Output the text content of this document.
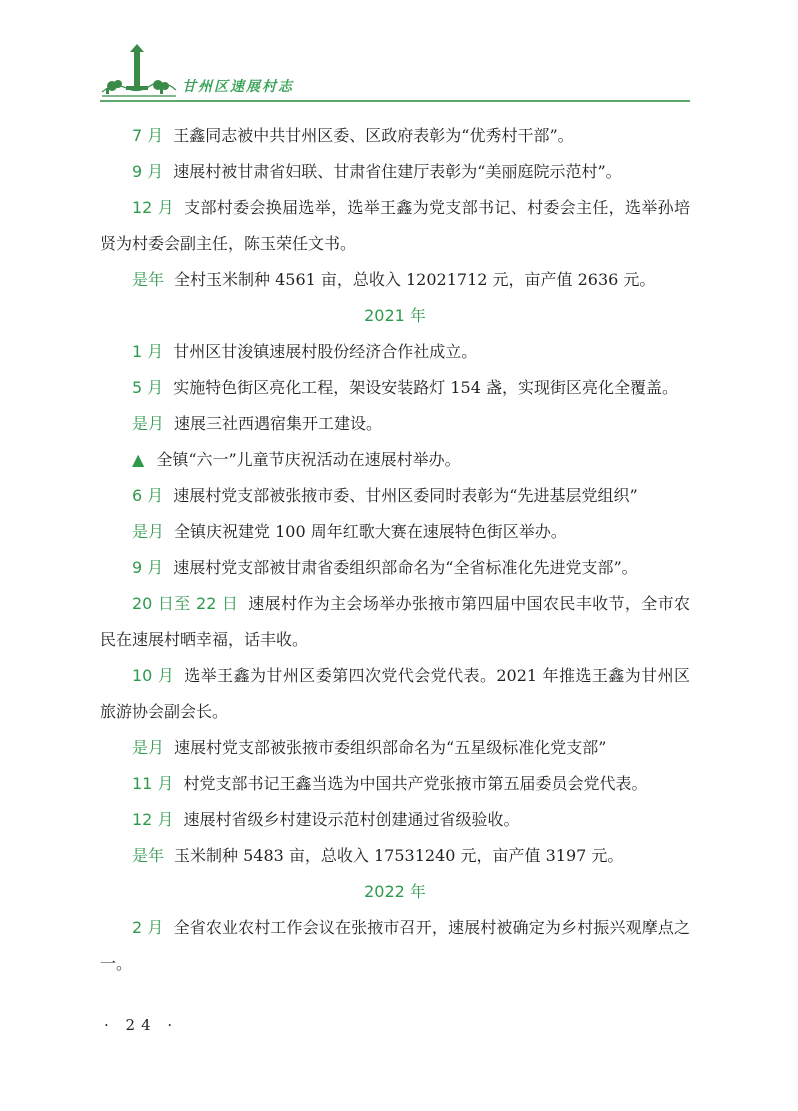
甘州区速展村志

7 月 王鑫同志被中共甘州区委、区政府表彰为“优秀村干部”。

9 月 速展村被甘肃省妇联、甘肃省住建厅表彰为“美丽庭院示范村”。

12 月 支部村委会换届选举，选举王鑫为党支部书记、村委会主任，选举孙培贤为村委会副主任，陈玉荣任文书。

是年 全村玉米制种 4561 亩，总收入 12021712 元，亩产值 2636 元。

2021 年

1 月 甘州区甘浚镇速展村股份经济合作社成立。

5 月 实施特色街区亮化工程，架设安装路灯 154 盏，实现街区亮化全覆盖。

是月 速展三社西遇宿集开工建设。

▲ 全镇“六一”儿童节庆祝活动在速展村举办。

6 月 速展村党支部被张掖市委、甘州区委同时表彰为“先进基层党组织”

是月 全镇庆祝建党 100 周年红歌大赛在速展特色街区举办。

9 月 速展村党支部被甘肃省委组织部命名为“全省标准化先进党支部”。

20 日至 22 日 速展村作为主会场举办张掖市第四届中国农民丰收节，全市农民在速展村晒幸福，话丰收。

10 月 选举王鑫为甘州区委第四次党代会党代表。2021 年推选王鑫为甘州区旅游协会副会长。

是月 速展村党支部被张掖市委组织部命名为“五星级标准化党支部”

11 月 村党支部书记王鑫当选为中国共产党张掖市第五届委员会党代表。

12 月 速展村省级乡村建设示范村创建通过省级验收。

是年 玉米制种 5483 亩，总收入 17531240 元，亩产值 3197 元。

2022 年

2 月 全省农业农村工作会议在张掖市召开，速展村被确定为乡村振兴观摩点之一。

· 24 ·
